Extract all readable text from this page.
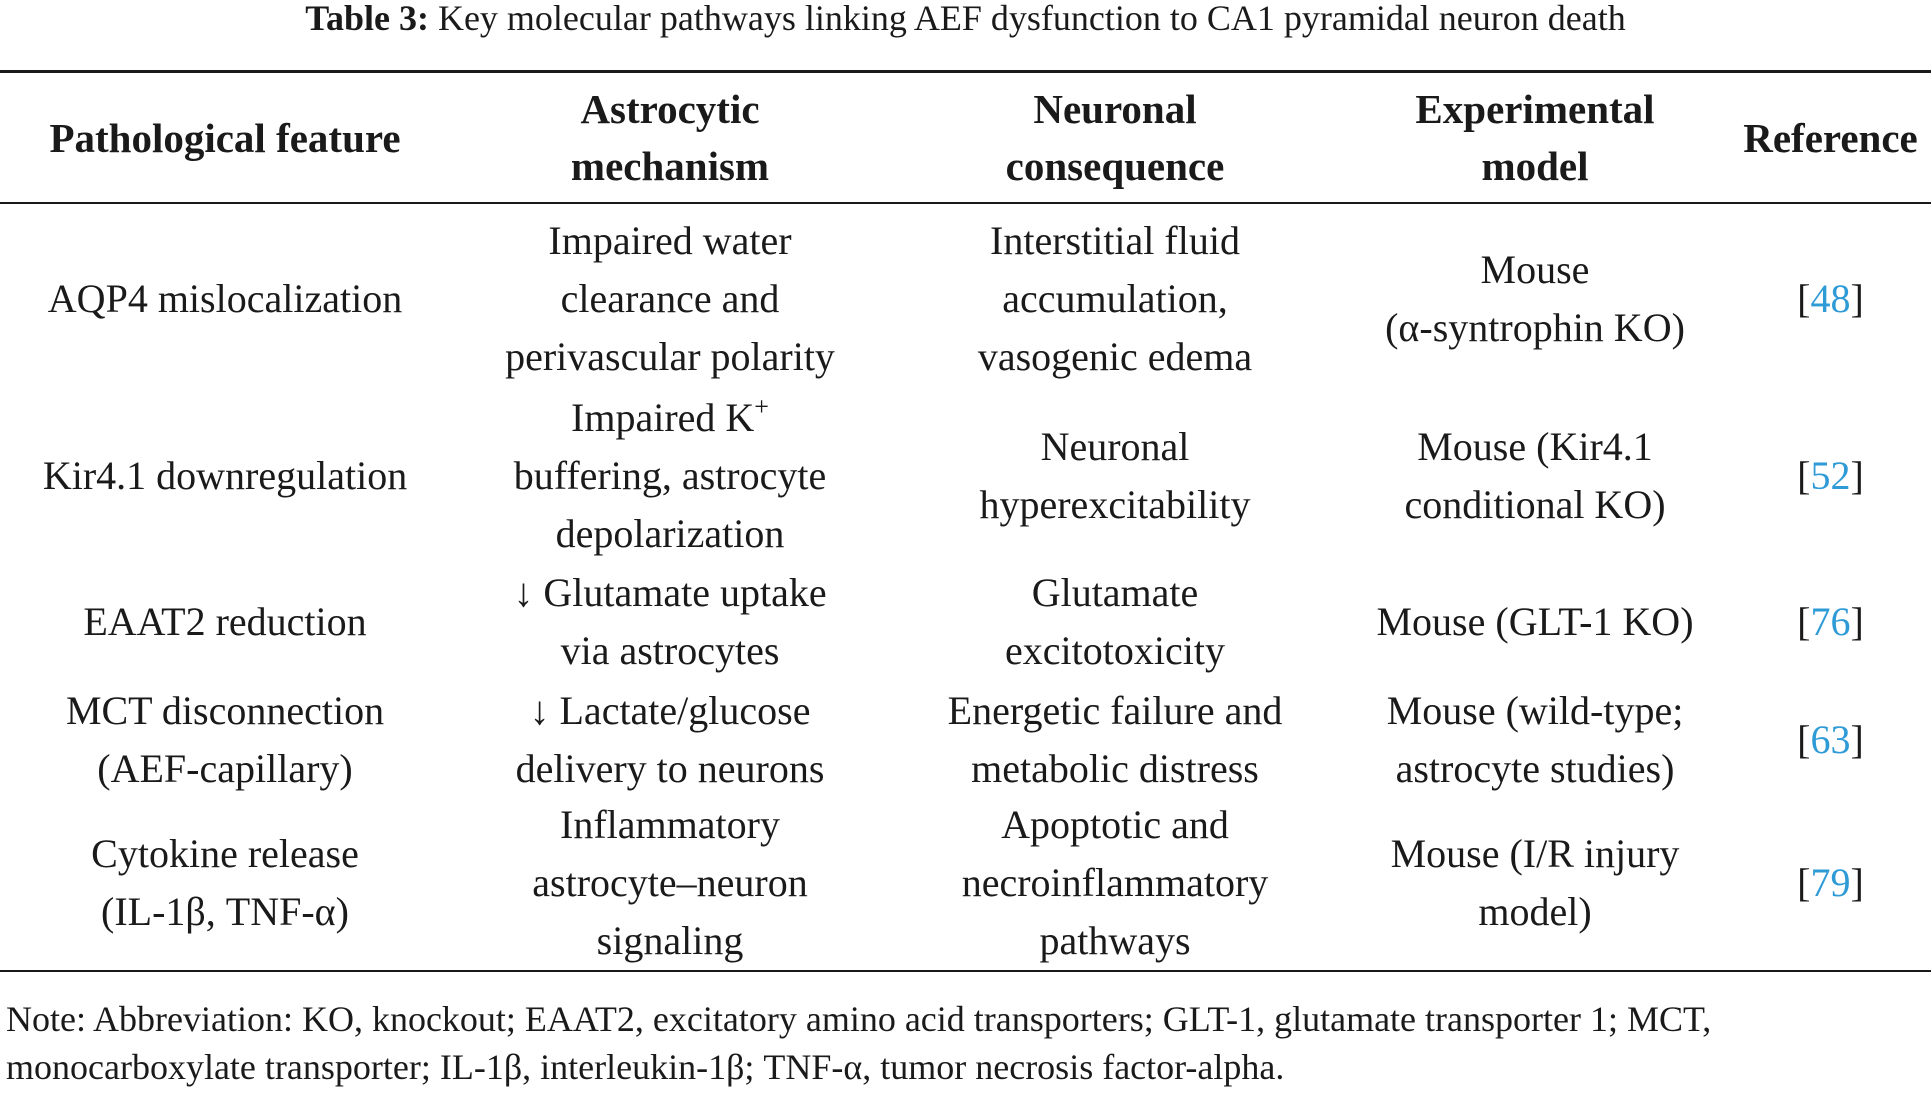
Table 3: Key molecular pathways linking AEF dysfunction to CA1 pyramidal neuron death
Pathological feature
Astrocytic
mechanism
Neuronal
consequence
Experimental
model
Reference
AQP4 mislocalization
Impaired water
clearance and
perivascular polarity
Interstitial fluid
accumulation,
vasogenic edema
Mouse
(α-syntrophin KO)
[ 48 ]
Kir4.1 downregulation
Impaired K+
buffering, astrocyte
depolarization
Neuronal
hyperexcitability
Mouse (Kir4.1
conditional KO)
[ 52 ]
EAAT2 reduction
↓ Glutamate uptake
via astrocytes
Glutamate
excitotoxicity
Mouse (GLT-1 KO)	[ 76 ]
MCT disconnection
(AEF-capillary)
↓ Lactate/glucose
delivery to neurons
Energetic failure and
metabolic distress
Mouse (wild-type;
astrocyte studies)
[ 63 ]
Cytokine release
(IL-1β, TNF-α)
Inflammatory
astrocyte–neuron
signaling
Apoptotic and
necroinflammatory
pathways
Mouse (I/R injury
model)
[ 79 ]
Note: Abbreviation: KO, knockout; EAAT2, excitatory amino acid transporters; GLT-1, glutamate transporter 1; MCT,
monocarboxylate transporter; IL-1β, interleukin-1β; TNF-α, tumor necrosis factor-alpha.
